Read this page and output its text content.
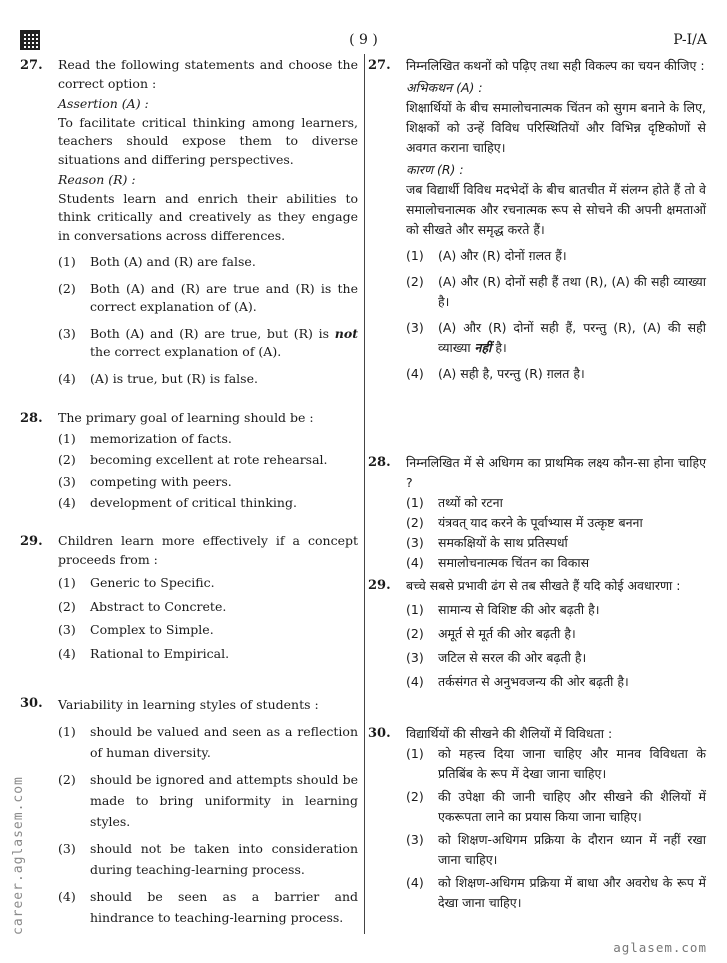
( 9 )	P-I/A
27.	Read the following statements and choose the correct option :

Assertion (A) :

To facilitate critical thinking among learners, teachers should expose them to diverse situations and differing perspectives.

Reason (R) :

Students learn and enrich their abilities to think critically and creatively as they engage in conversations across differences.

(1) Both (A) and (R) are false.

(2) Both (A) and (R) are true and (R) is the correct explanation of (A).

(3) Both (A) and (R) are true, but (R) is not the correct explanation of (A).

(4) (A) is true, but (R) is false.

28.	The primary goal of learning should be :

(1) memorization of facts.

(2) becoming excellent at rote rehearsal.

(3) competing with peers.

(4) development of critical thinking.

29.	Children learn more effectively if a concept proceeds from :

(1) Generic to Specific.

(2) Abstract to Concrete.

(3) Complex to Simple.

(4) Rational to Empirical.

30.	Variability in learning styles of students :

(1) should be valued and seen as a reflection of human diversity.

(2) should be ignored and attempts should be made to bring uniformity in learning styles.

(3) should not be taken into consideration during teaching-learning process.

(4) should be seen as a barrier and hindrance to teaching-learning process.

27.	निम्नलिखित कथनों को पढ़िए तथा सही विकल्प का चयन कीजिए :

अभिकथन (A) :

शिक्षार्थियों के बीच समालोचनात्मक चिंतन को सुगम बनाने के लिए, शिक्षकों को उन्हें विविध परिस्थितियों और विभिन्न दृष्टिकोणों से अवगत कराना चाहिए।

कारण (R) :

जब विद्यार्थी विविध मदभेदों के बीच बातचीत में संलग्न होते हैं तो वे समालोचनात्मक और रचनात्मक रूप से सोचने की अपनी क्षमताओं को सीखते और समृद्ध करते हैं।

(1) (A) और (R) दोनों ग़लत हैं।

(2) (A) और (R) दोनों सही हैं तथा (R), (A) की सही व्याख्या है।

(3) (A) और (R) दोनों सही हैं, परन्तु (R), (A) की सही व्याख्या नहीं है।

(4) (A) सही है, परन्तु (R) ग़लत है।

28.	निम्नलिखित में से अधिगम का प्राथमिक लक्ष्य कौन-सा होना चाहिए ?

(1) तथ्यों को रटना

(2) यंत्रवत् याद करने के पूर्वाभ्यास में उत्कृष्ट बनना

(3) समकक्षियों के साथ प्रतिस्पर्धा

(4) समालोचनात्मक चिंतन का विकास

29.	बच्चे सबसे प्रभावी ढंग से तब सीखते हैं यदि कोई अवधारणा :

(1) सामान्य से विशिष्ट की ओर बढ़ती है।

(2) अमूर्त से मूर्त की ओर बढ़ती है।

(3) जटिल से सरल की ओर बढ़ती है।

(4) तर्कसंगत से अनुभवजन्य की ओर बढ़ती है।

30.	विद्यार्थियों की सीखने की शैलियों में विविधता :

(1) को महत्त्व दिया जाना चाहिए और मानव विविधता के प्रतिबिंब के रूप में देखा जाना चाहिए।

(2) की उपेक्षा की जानी चाहिए और सीखने की शैलियों में एकरूपता लाने का प्रयास किया जाना चाहिए।

(3) को शिक्षण-अधिगम प्रक्रिया के दौरान ध्यान में नहीं रखा जाना चाहिए।

(4) को शिक्षण-अधिगम प्रक्रिया में बाधा और अवरोध के रूप में देखा जाना चाहिए।

career.aglasem.com
aglasem.com
